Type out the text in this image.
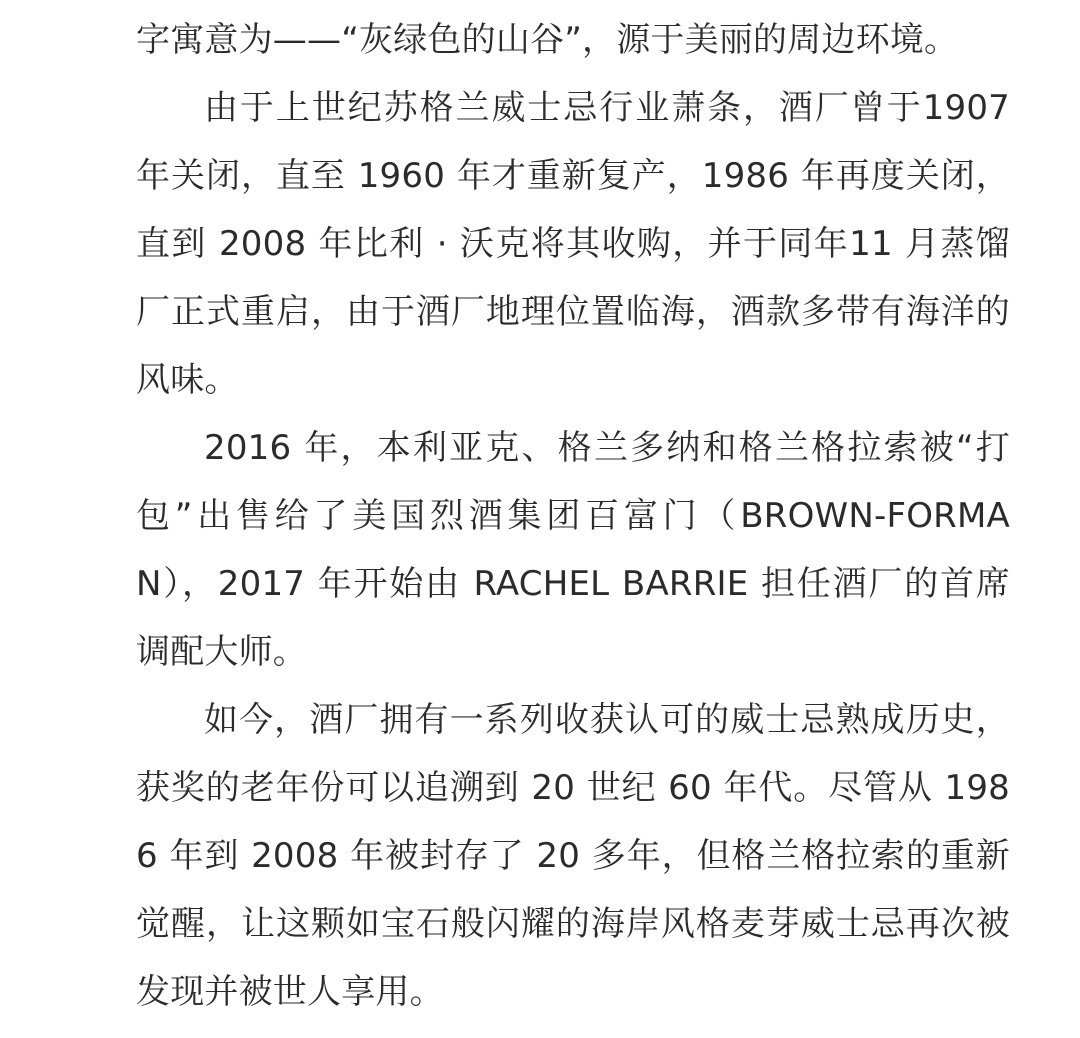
字寓意为——“灰绿色的山谷”，源于美丽的周边环境。

由于上世纪苏格兰威士忌行业萧条，酒厂曾于1907 年关闭，直至 1960 年才重新复产，1986 年再度关闭，直到 2008 年比利 · 沃克将其收购，并于同年11 月蒸馏厂正式重启，由于酒厂地理位置临海，酒款多带有海洋的风味。

2016 年，本利亚克、格兰多纳和格兰格拉索被“打包”出售给了美国烈酒集团百富门（BROWN-FORMAN），2017 年开始由 RACHEL BARRIE 担任酒厂的首席调配大师。

如今，酒厂拥有一系列收获认可的威士忌熟成历史，获奖的老年份可以追溯到 20 世纪 60 年代。尽管从 1986 年到 2008 年被封存了 20 多年，但格兰格拉索的重新觉醒，让这颗如宝石般闪耀的海岸风格麦芽威士忌再次被发现并被世人享用。
